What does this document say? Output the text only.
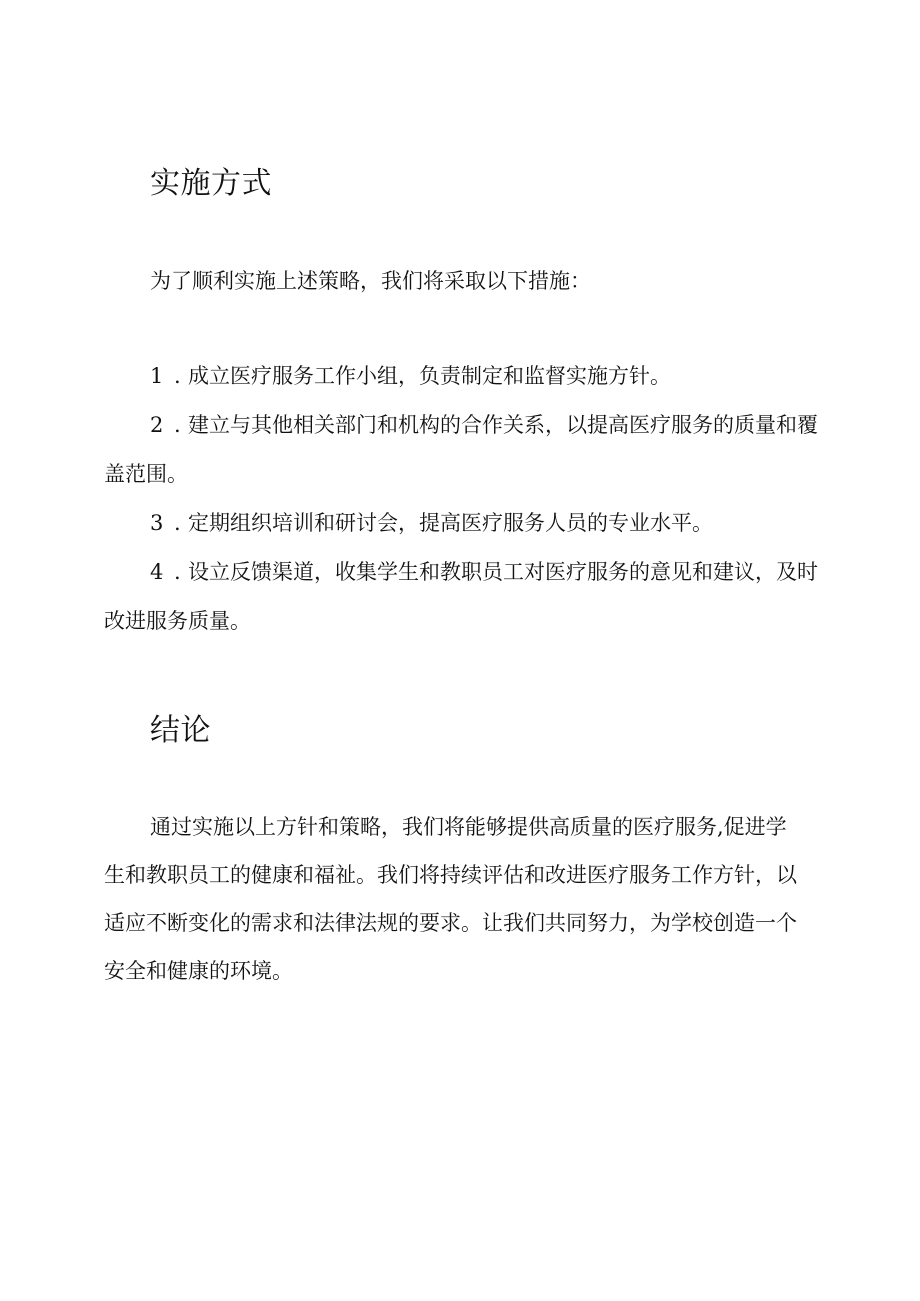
实施方式

为了顺利实施上述策略，我们将采取以下措施：

1 . 成立医疗服务工作小组，负责制定和监督实施方针。
2 . 建立与其他相关部门和机构的合作关系，以提高医疗服务的质量和覆盖范围。
3 . 定期组织培训和研讨会，提高医疗服务人员的专业水平。
4 . 设立反馈渠道，收集学生和教职员工对医疗服务的意见和建议，及时改进服务质量。
结论

通过实施以上方针和策略，我们将能够提供高质量的医疗服务,促进学生和教职员工的健康和福祉。我们将持续评估和改进医疗服务工作方针，以适应不断变化的需求和法律法规的要求。让我们共同努力，为学校创造一个安全和健康的环境。
